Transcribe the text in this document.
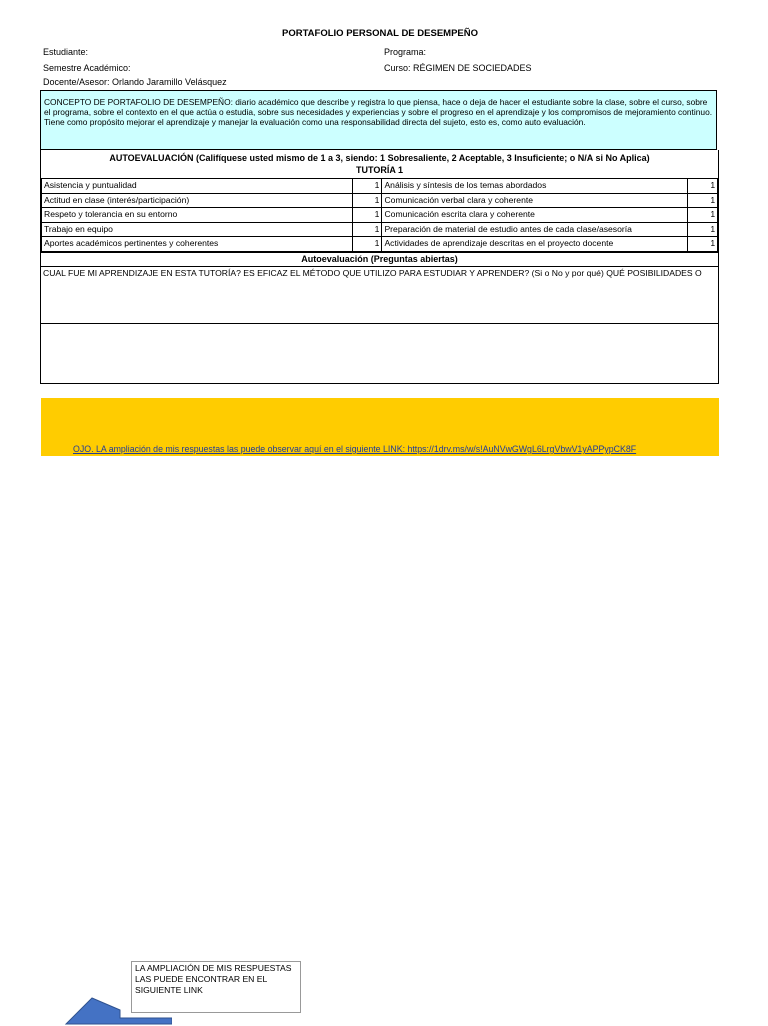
PORTAFOLIO PERSONAL DE DESEMPEÑO
Estudiante:
Semestre Académico:
Docente/Asesor: Orlando Jaramillo Velásquez
Programa:
Curso: RÉGIMEN DE SOCIEDADES
CONCEPTO DE PORTAFOLIO DE DESEMPEÑO: diario académico que describe y registra lo que piensa, hace o deja de hacer el estudiante sobre la clase, sobre el curso, sobre el programa, sobre el contexto en el que actúa o estudia, sobre sus necesidades y experiencias y sobre el progreso en el aprendizaje y los compromisos de mejoramiento continuo. Tiene como propósito mejorar el aprendizaje y manejar la evaluación como una responsabilidad directa del sujeto, esto es, como auto evaluación.
AUTOEVALUACIÓN (Califíquese usted mismo de 1 a 3, siendo: 1 Sobresaliente, 2 Aceptable, 3 Insuficiente; o N/A si No Aplica)
TUTORÍA 1
Asistencia y puntualidad	1	Análisis y síntesis de los temas abordados	1	
Actitud en clase (interés/participación)	1	Comunicación verbal clara y coherente	1	
Respeto y tolerancia en su entorno	1	Comunicación escrita clara y coherente	1	
Trabajo en equipo	1	Preparación de material de estudio antes de cada clase/asesoría	1	
Aportes académicos pertinentes y coherentes	1	Actividades de aprendizaje descritas en el proyecto docente	1	
Autoevaluación (Preguntas abiertas)
CUAL FUE MI APRENDIZAJE EN ESTA TUTORÍA? ES EFICAZ EL MÉTODO QUE UTILIZO PARA ESTUDIAR Y APRENDER? (Si o No y por qué) QUÉ POSIBILIDADES O
OJO. LA ampliación de mis respuestas las puede observar aquí en el siguiente LINK: https://1drv.ms/w/s!AuNVwGWgL6LrgVbwV1yAPPypCK8F
LA AMPLIACIÓN DE MIS RESPUESTAS LAS PUEDE ENCONTRAR EN EL SIGUIENTE LINK
